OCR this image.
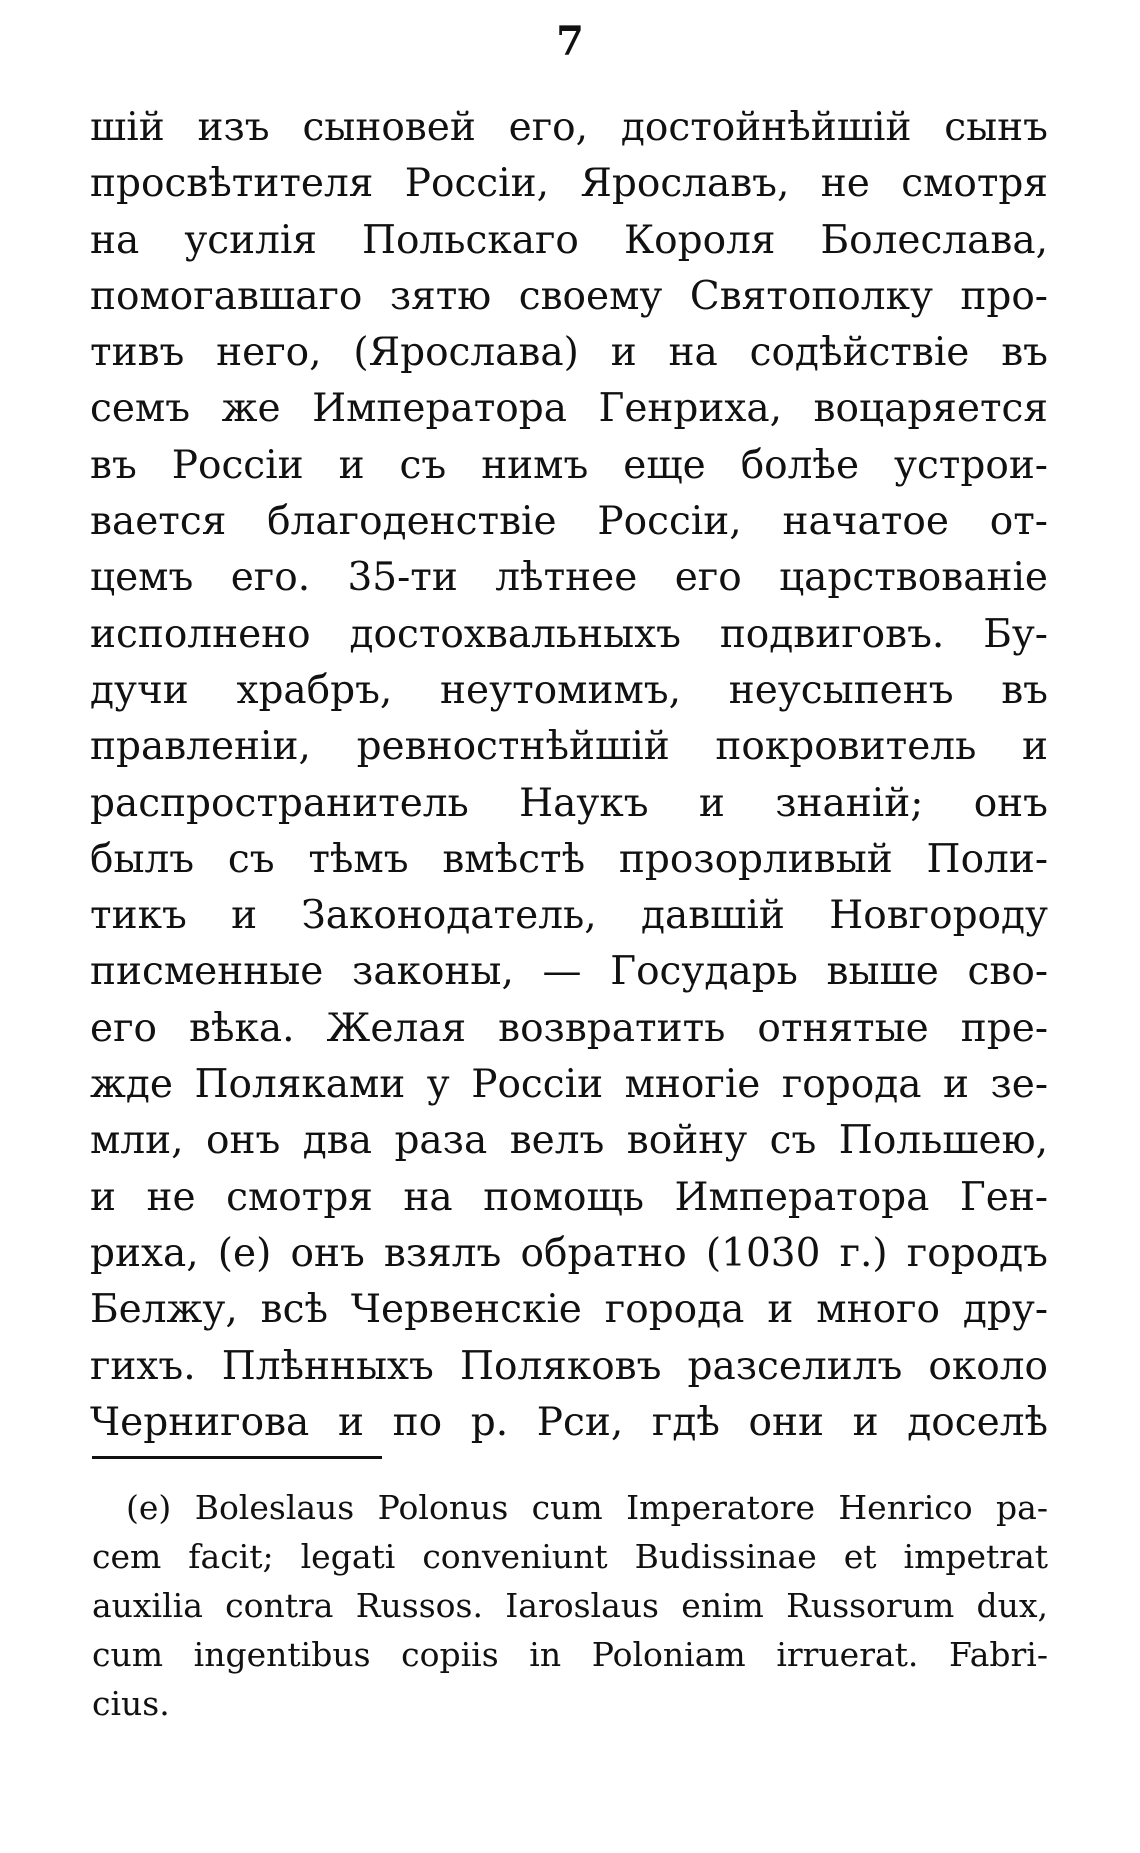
7
шій изъ сыновей его, достойнѣйшій сынъ
просвѣтителя Россіи, Ярославъ, не смотря
на усилія Польскаго Короля Болеслава,
помогавшаго зятю своему Святополку про-
тивъ него, (Ярослава) и на содѣйствіе въ
семъ же Императора Генриха, воцаряется
въ Россіи и съ нимъ еще болѣе устрои-
вается благоденствіе Россіи, начатое от-
цемъ его. 35-ти лѣтнее его царствованіе
исполнено достохвальныхъ подвиговъ. Бу-
дучи храбръ, неутомимъ, неусыпенъ въ
правленіи, ревностнѣйшій покровитель и
распространитель Наукъ и знаній; онъ
былъ съ тѣмъ вмѣстѣ прозорливый Поли-
тикъ и Законодатель, давшій Новгороду
писменные законы, — Государь выше сво-
его вѣка. Желая возвратить отнятые пре-
жде Поляками у Россіи многіе города и зе-
мли, онъ два раза велъ войну съ Польшею,
и не смотря на помощь Императора Ген-
риха, (е) онъ взялъ обратно (1030 г.) городъ
Белжу, всѣ Червенскіе города и много дру-
гихъ. Плѣнныхъ Поляковъ разселилъ около
Чернигова и по р. Рси, гдѣ они и доселѣ
(е) Boleslaus Polonus cum Imperatore Henrico pa-
cem facit; legati conveniunt Budissinae et impetrat
auxilia contra Russos. Iaroslaus enim Russorum dux,
cum ingentibus copiis in Poloniam irruerat. Fabri-
cius.
